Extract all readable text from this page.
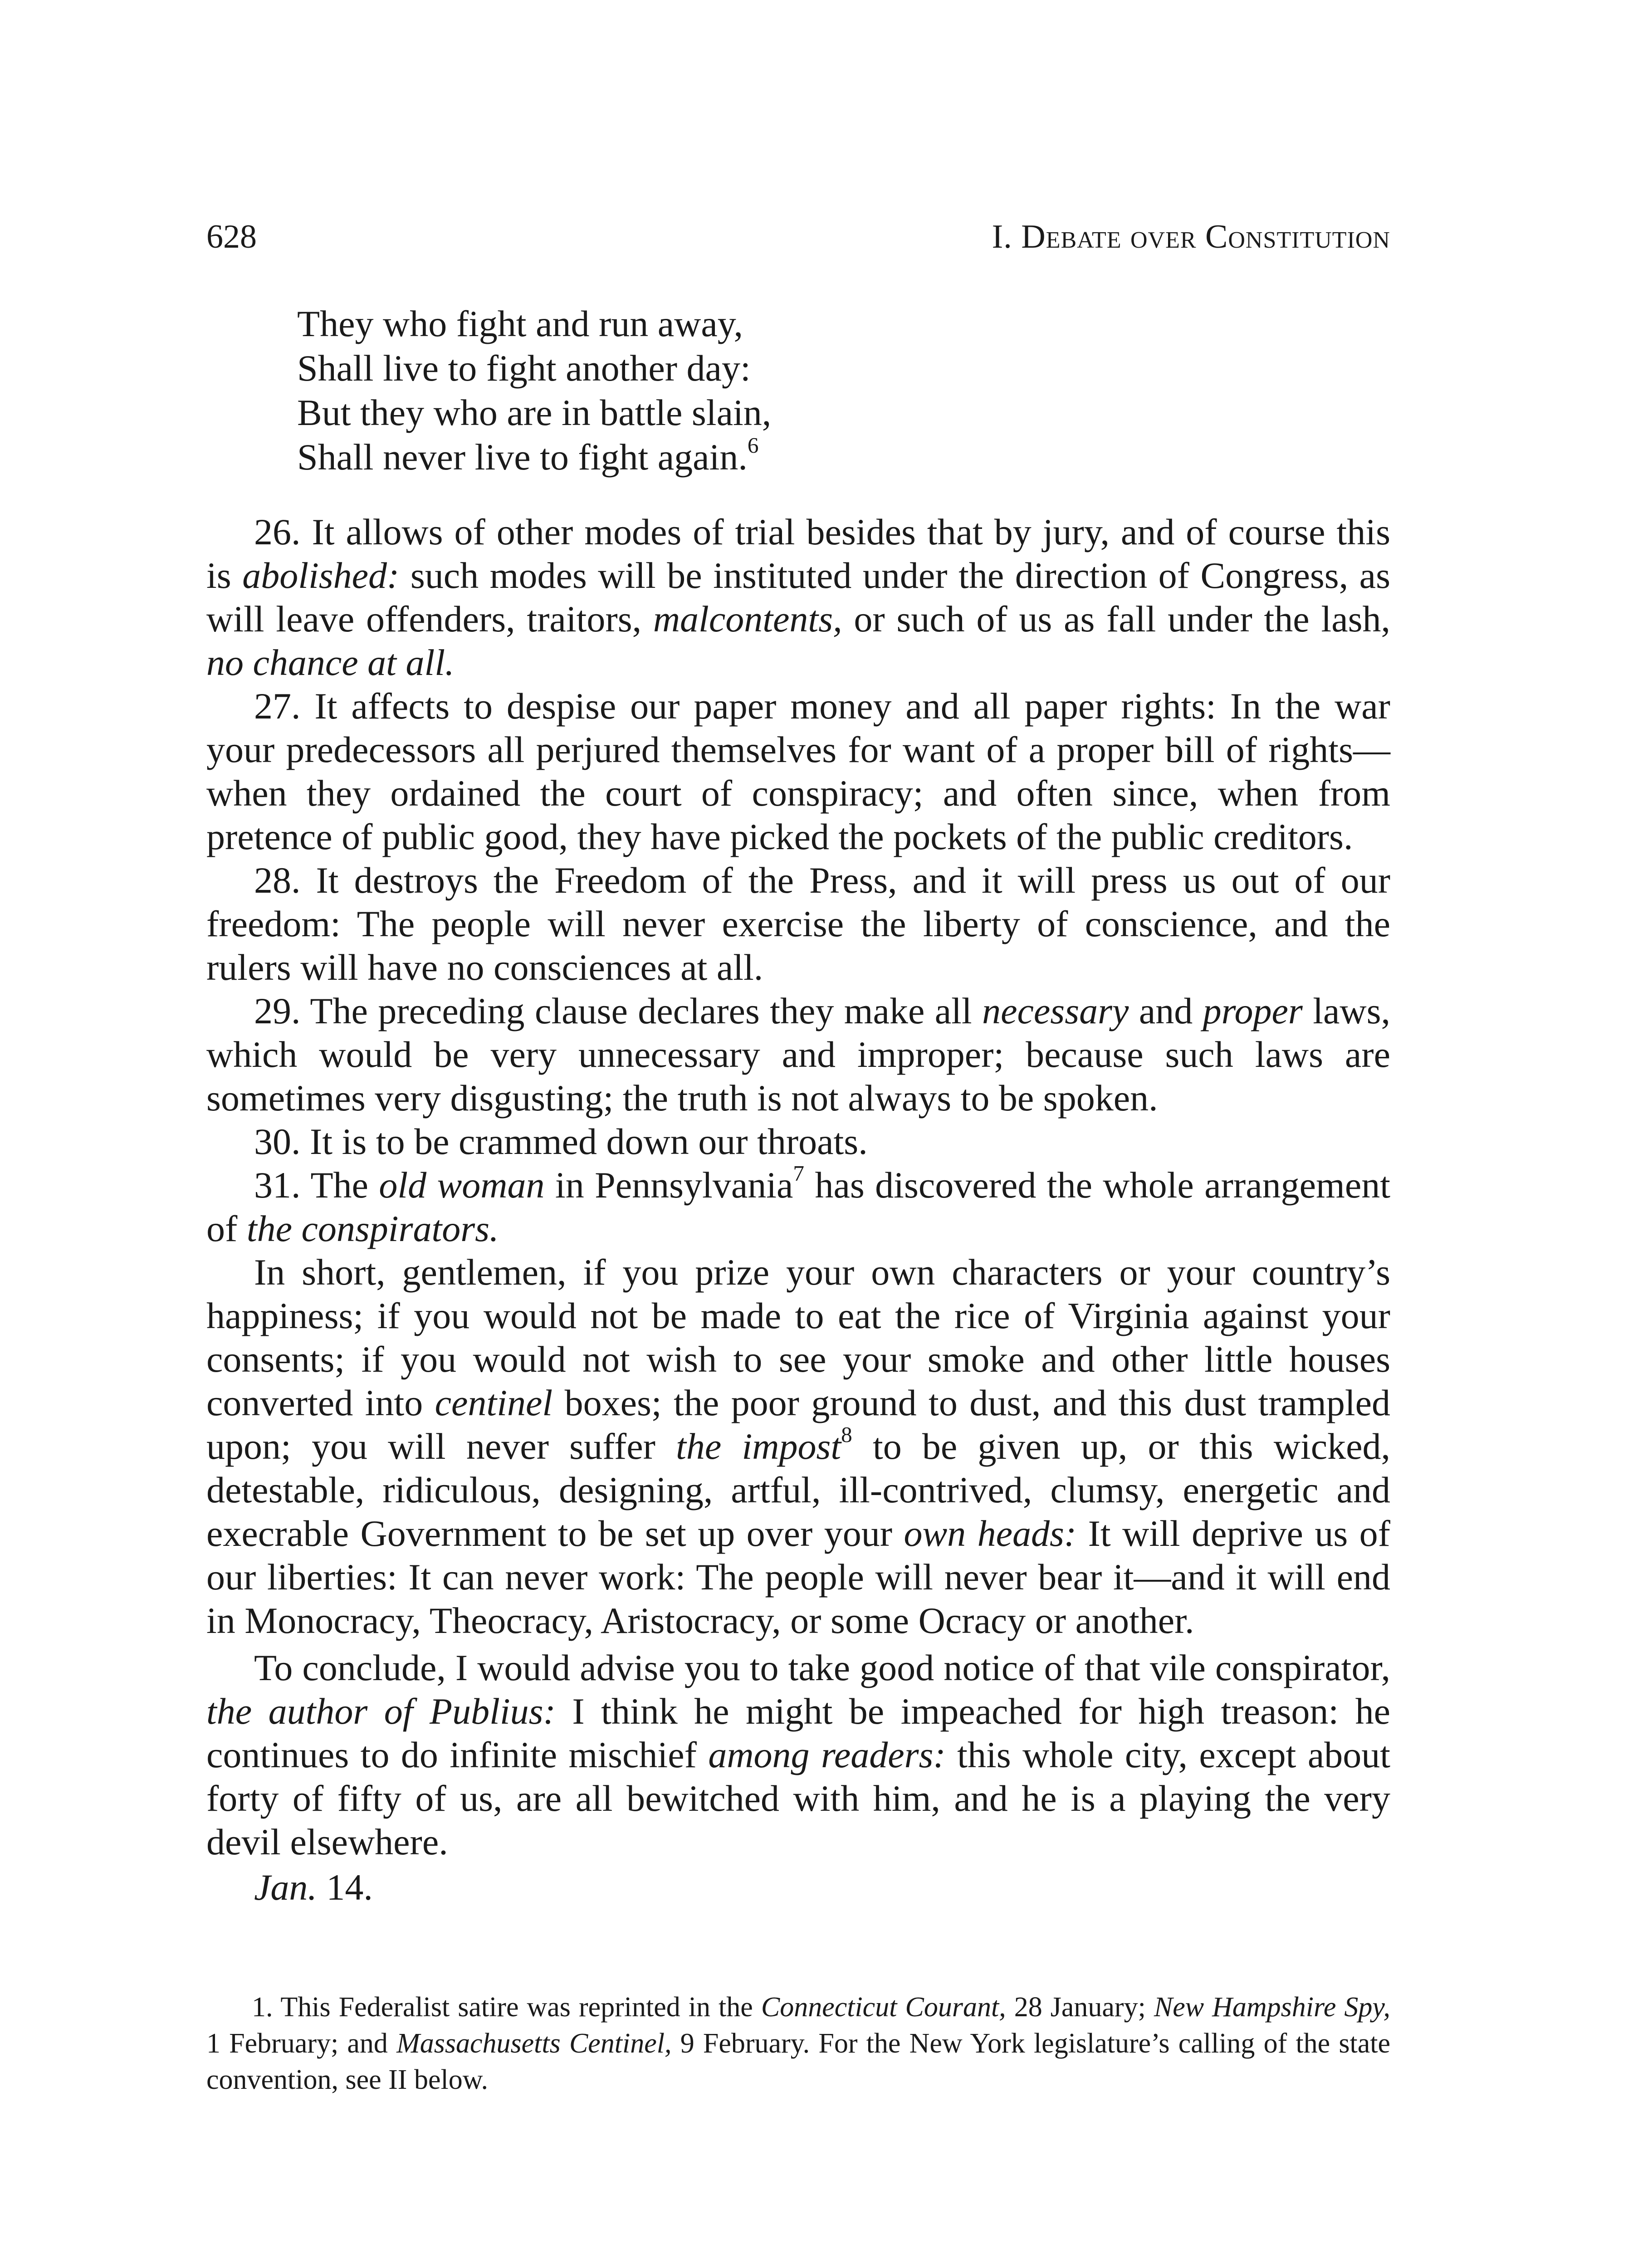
628	I. Debate over Constitution
They who fight and run away,
Shall live to fight another day:
But they who are in battle slain,
Shall never live to fight again.$^6$

26. It allows of other modes of trial besides that by jury, and of course this is abolished: such modes will be instituted under the direction of Congress, as will leave offenders, traitors, malcontents, or such of us as fall under the lash, no chance at all.

27. It affects to despise our paper money and all paper rights: In the war your predecessors all perjured themselves for want of a proper bill of rights—when they ordained the court of conspiracy; and often since, when from pretence of public good, they have picked the pockets of the public creditors.

28. It destroys the Freedom of the Press, and it will press us out of our freedom: The people will never exercise the liberty of conscience, and the rulers will have no consciences at all.

29. The preceding clause declares they make all necessary and proper laws, which would be very unnecessary and improper; because such laws are sometimes very disgusting; the truth is not always to be spoken.

30. It is to be crammed down our throats.

31. The old woman in Pennsylvania$^7$ has discovered the whole arrangement of the conspirators.

In short, gentlemen, if you prize your own characters or your country’s happiness; if you would not be made to eat the rice of Virginia against your consents; if you would not wish to see your smoke and other little houses converted into centinel boxes; the poor ground to dust, and this dust trampled upon; you will never suffer the impost$^8$ to be given up, or this wicked, detestable, ridiculous, designing, artful, ill-contrived, clumsy, energetic and execrable Government to be set up over your own heads: It will deprive us of our liberties: It can never work: The people will never bear it—and it will end in Monocracy, Theocracy, Aristocracy, or some Ocracy or another.

To conclude, I would advise you to take good notice of that vile conspirator, the author of Publius: I think he might be impeached for high treason: he continues to do infinite mischief among readers: this whole city, except about forty of fifty of us, are all bewitched with him, and he is a playing the very devil elsewhere.

Jan. 14.

1. This Federalist satire was reprinted in the Connecticut Courant, 28 January; New Hampshire Spy, 1 February; and Massachusetts Centinel, 9 February. For the New York legislature’s calling of the state convention, see II below.
